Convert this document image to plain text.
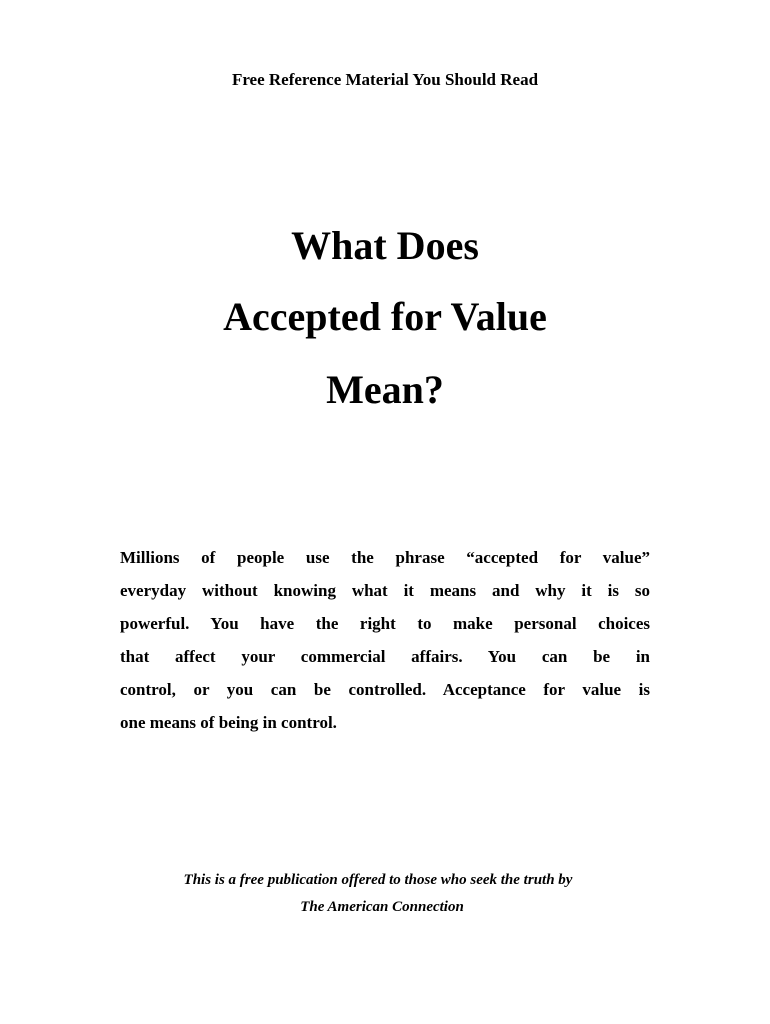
Free Reference Material You Should Read
What Does
Accepted for Value
Mean?
Millions of people use the phrase “accepted for value”
everyday without knowing what it means and why it is so
powerful. You have the right to make personal choices
that affect your commercial affairs. You can be in
control, or you can be controlled. Acceptance for value is
one means of being in control.
This is a free publication offered to those who seek the truth by
The American Connection
